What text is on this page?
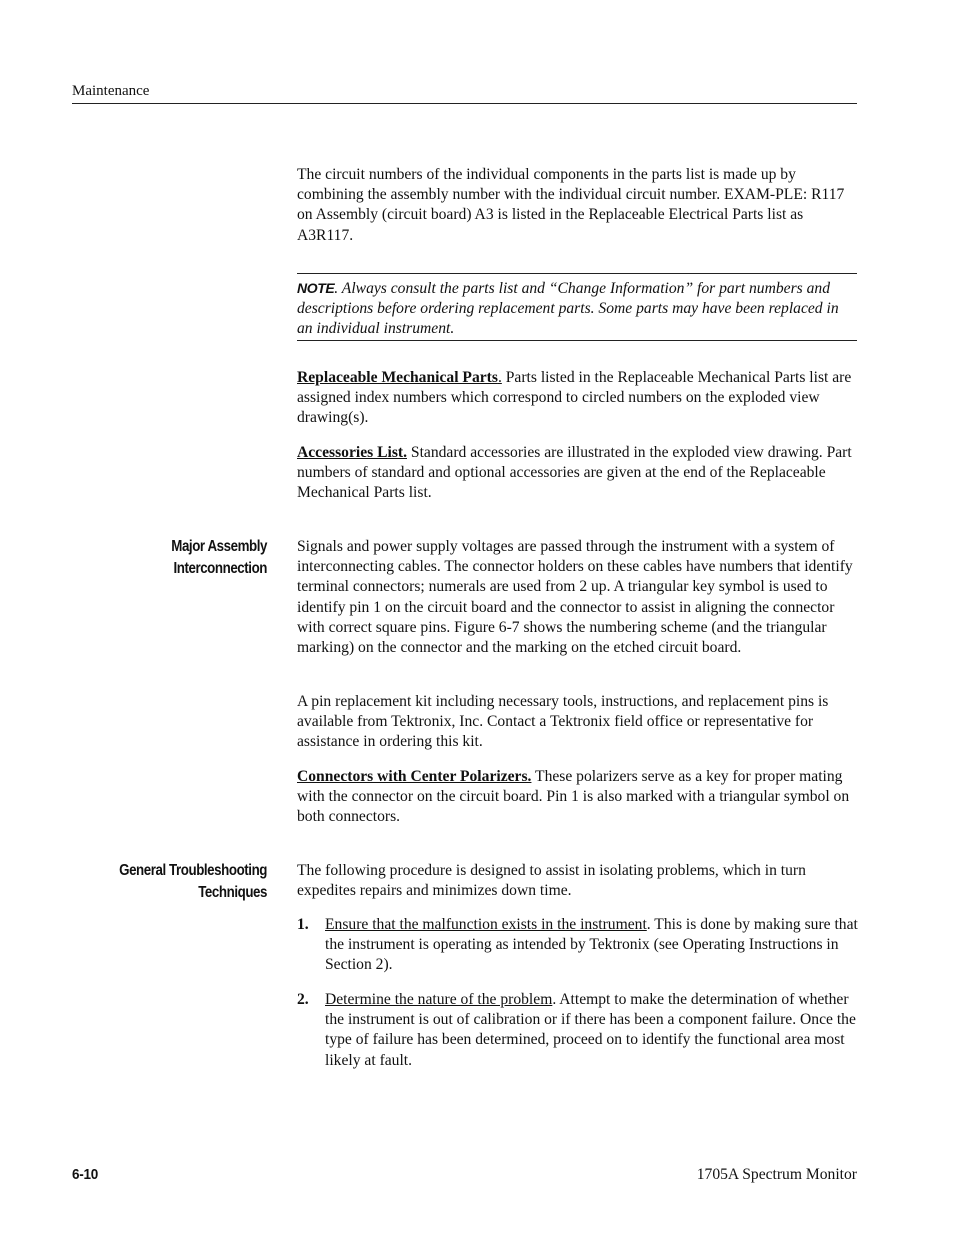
Maintenance

The circuit numbers of the individual components in the parts list is made up by combining the assembly number with the individual circuit number. EXAM-PLE: R117 on Assembly (circuit board) A3 is listed in the Replaceable Electrical Parts list as A3R117.

NOTE. Always consult the parts list and “Change Information” for part numbers and descriptions before ordering replacement parts. Some parts may have been replaced in an individual instrument.

Replaceable Mechanical Parts. Parts listed in the Replaceable Mechanical Parts list are assigned index numbers which correspond to circled numbers on the exploded view drawing(s).

Accessories List. Standard accessories are illustrated in the exploded view drawing. Part numbers of standard and optional accessories are given at the end of the Replaceable Mechanical Parts list.

Major Assembly
Interconnection

Signals and power supply voltages are passed through the instrument with a system of interconnecting cables. The connector holders on these cables have numbers that identify terminal connectors; numerals are used from 2 up. A triangular key symbol is used to identify pin 1 on the circuit board and the connector to assist in aligning the connector with correct square pins. Figure 6-7 shows the numbering scheme (and the triangular marking) on the connector and the marking on the etched circuit board.

A pin replacement kit including necessary tools, instructions, and replacement pins is available from Tektronix, Inc. Contact a Tektronix field office or representative for assistance in ordering this kit.

Connectors with Center Polarizers. These polarizers serve as a key for proper mating with the connector on the circuit board. Pin 1 is also marked with a triangular symbol on both connectors.

General Troubleshooting
Techniques

The following procedure is designed to assist in isolating problems, which in turn expedites repairs and minimizes down time.

1. Ensure that the malfunction exists in the instrument. This is done by making sure that the instrument is operating as intended by Tektronix (see Operating Instructions in Section 2).
2. Determine the nature of the problem. Attempt to make the determination of whether the instrument is out of calibration or if there has been a component failure. Once the type of failure has been determined, proceed on to identify the functional area most likely at fault.
6-10	1705A Spectrum Monitor
